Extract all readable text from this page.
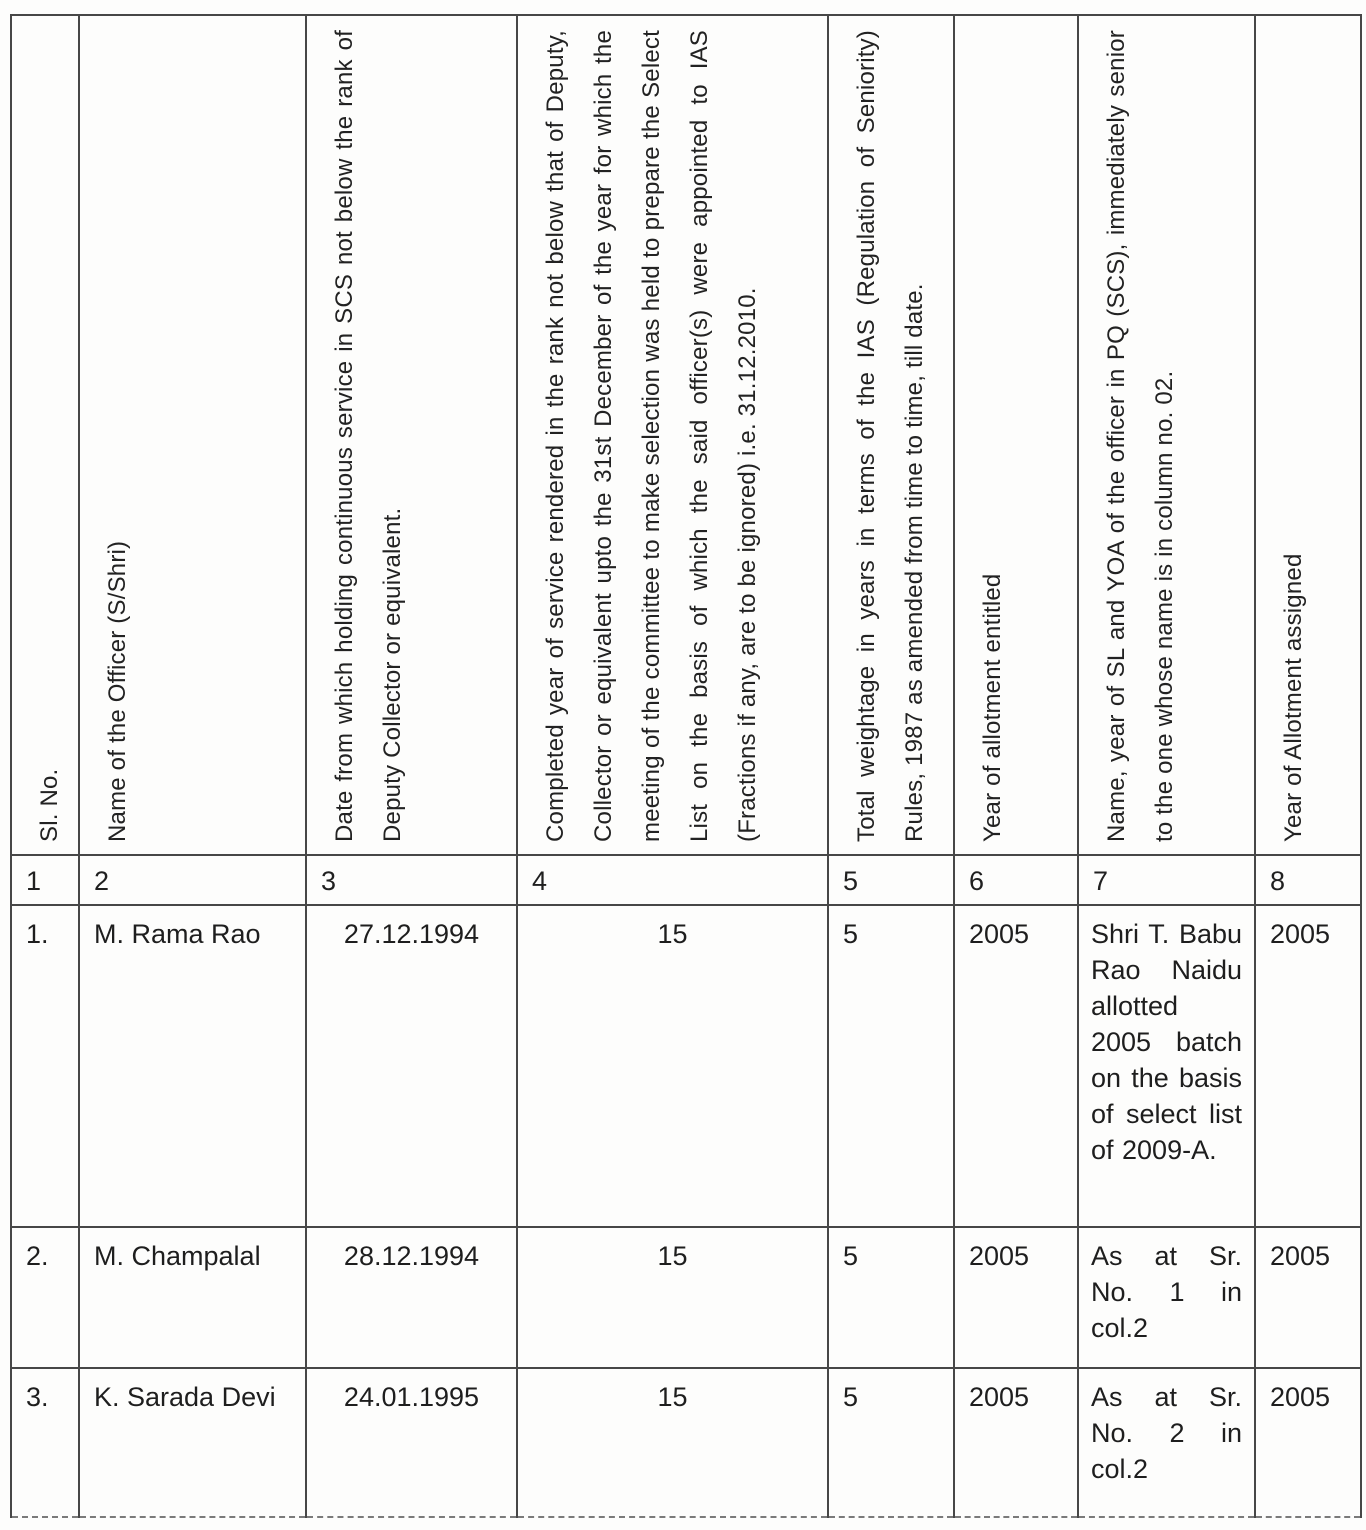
Sl. No.	Name of the Officer (S/Shri)	Date from which holding continuous service in SCS not below the rank of Deputy Collector or equivalent.	Completed year of service rendered in the rank not below that of Deputy, Collector or equivalent upto the 31st December of the year for which the meeting of the committee to make selection was held to prepare the Select List on the basis of which the said officer(s) were appointed to IAS (Fractions if any, are to be ignored) i.e. 31.12.2010.	Total weightage in years in terms of the IAS (Regulation of Seniority) Rules, 1987 as amended from time to time, till date.	Year of allotment entitled	Name, year of SL and YOA of the officer in PQ (SCS), immediately senior to the one whose name is in column no. 02.	Year of Allotment assigned

1	2	3	4	5	6	7	8
1.	M. Rama Rao	27.12.1994	15	5	2005	Shri T. Babu Rao Naidu allotted 2005 batch on the basis of select list of 2009-A.	2005
2.	M. Champalal	28.12.1994	15	5	2005	As at Sr. No. 1 in col.2	2005
3.	K. Sarada Devi	24.01.1995	15	5	2005	As at Sr. No. 2 in col.2	2005
